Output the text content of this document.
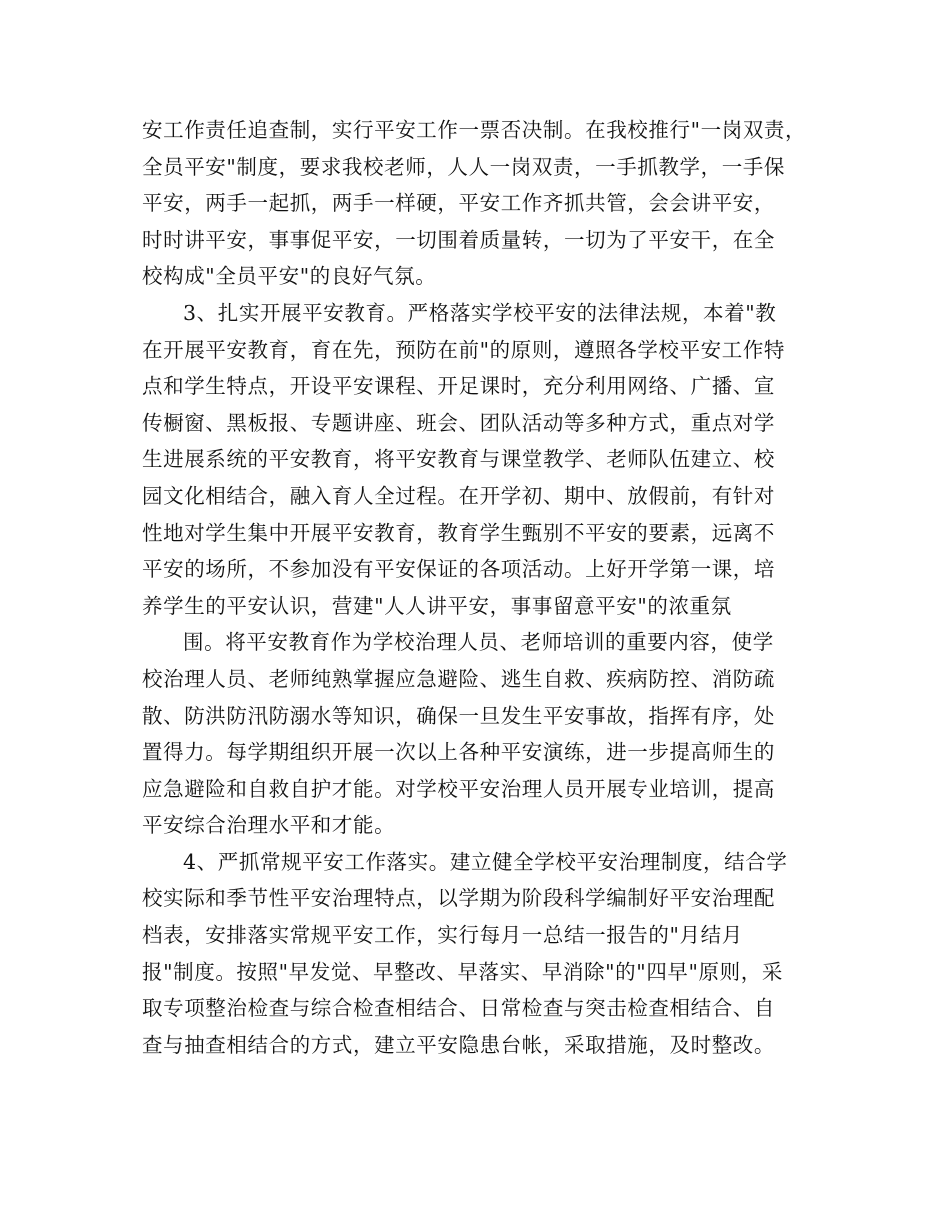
安工作责任追查制，实行平安工作一票否决制。在我校推行"一岗双责，
全员平安"制度，要求我校老师，人人一岗双责，一手抓教学，一手保
平安，两手一起抓，两手一样硬，平安工作齐抓共管，会会讲平安，
时时讲平安，事事促平安，一切围着质量转，一切为了平安干，在全
校构成"全员平安"的良好气氛。
3、扎实开展平安教育。严格落实学校平安的法律法规，本着"教
在开展平安教育，育在先，预防在前"的原则，遵照各学校平安工作特
点和学生特点，开设平安课程、开足课时，充分利用网络、广播、宣
传橱窗、黑板报、专题讲座、班会、团队活动等多种方式，重点对学
生进展系统的平安教育，将平安教育与课堂教学、老师队伍建立、校
园文化相结合，融入育人全过程。在开学初、期中、放假前，有针对
性地对学生集中开展平安教育，教育学生甄别不平安的要素，远离不
平安的场所，不参加没有平安保证的各项活动。上好开学第一课，培
养学生的平安认识，营建"人人讲平安，事事留意平安"的浓重氛
围。将平安教育作为学校治理人员、老师培训的重要内容，使学
校治理人员、老师纯熟掌握应急避险、逃生自救、疾病防控、消防疏
散、防洪防汛防溺水等知识，确保一旦发生平安事故，指挥有序，处
置得力。每学期组织开展一次以上各种平安演练，进一步提高师生的
应急避险和自救自护才能。对学校平安治理人员开展专业培训，提高
平安综合治理水平和才能。
4、严抓常规平安工作落实。建立健全学校平安治理制度，结合学
校实际和季节性平安治理特点，以学期为阶段科学编制好平安治理配
档表，安排落实常规平安工作，实行每月一总结一报告的"月结月
报"制度。按照"早发觉、早整改、早落实、早消除"的"四早"原则，采
取专项整治检查与综合检查相结合、日常检查与突击检查相结合、自
查与抽查相结合的方式，建立平安隐患台帐，采取措施，及时整改。
